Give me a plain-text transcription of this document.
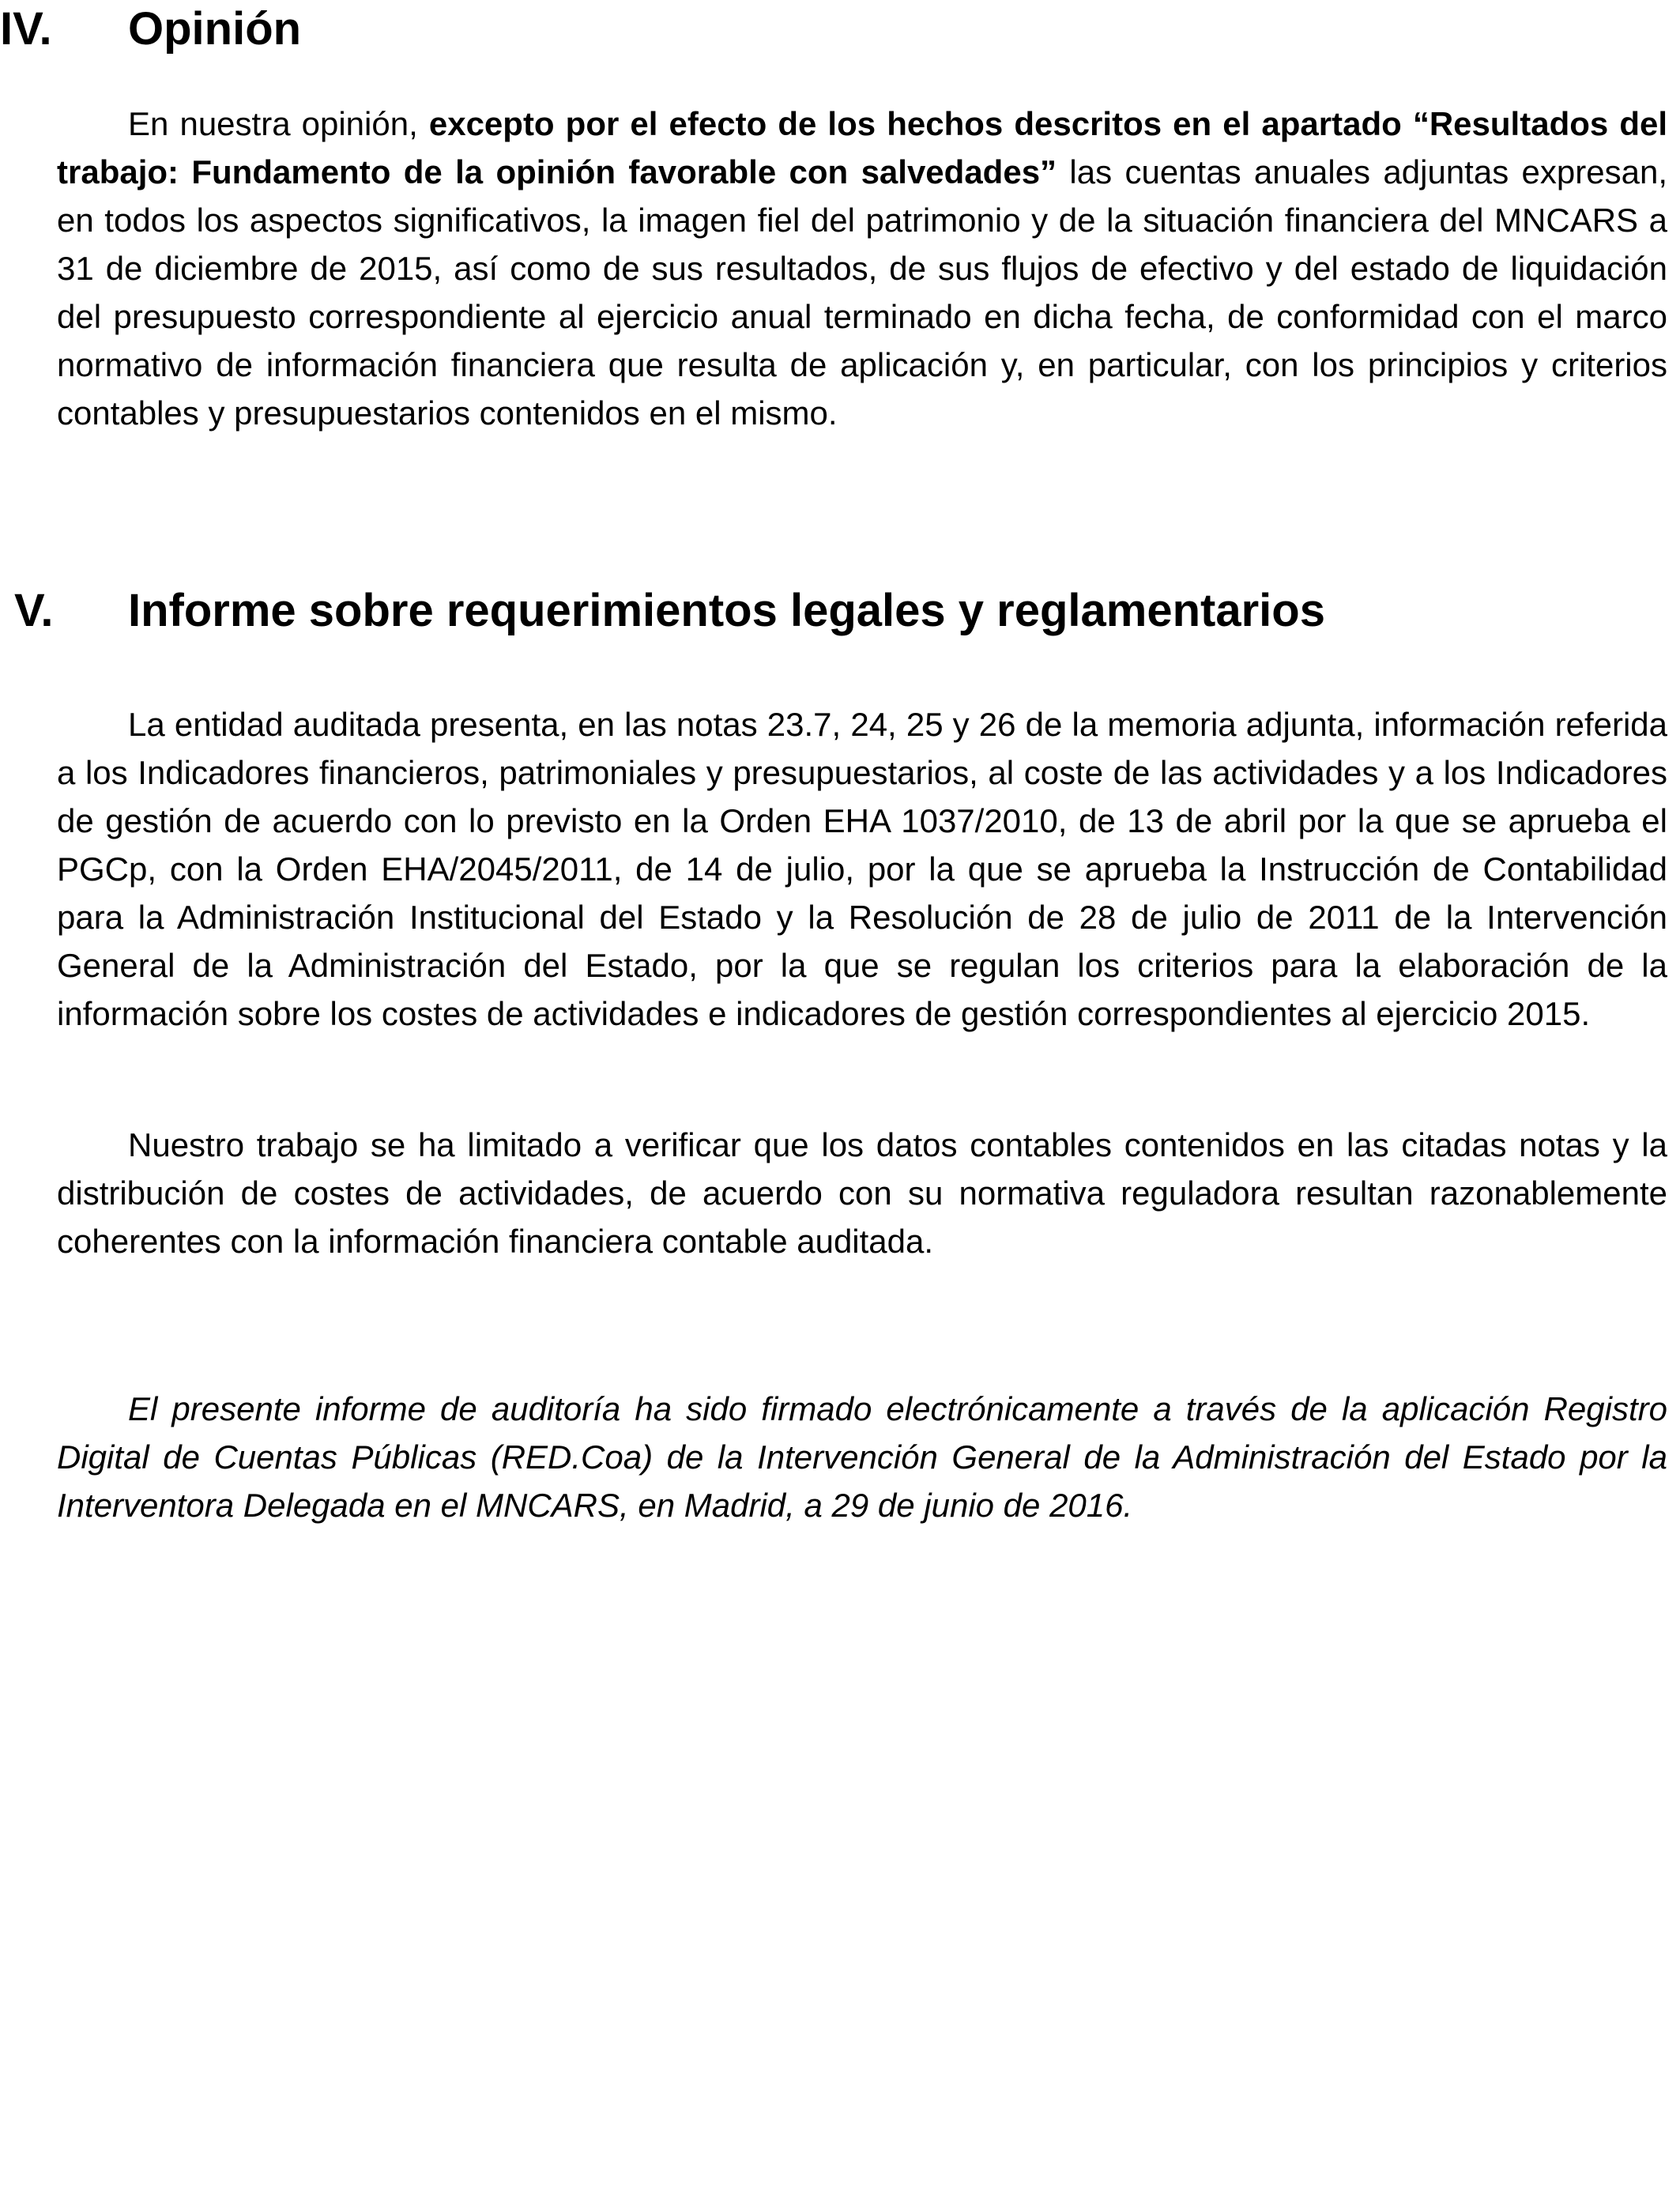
IV. Opinión

En nuestra opinión, excepto por el efecto de los hechos descritos en el apartado “Resultados del trabajo: Fundamento de la opinión favorable con salvedades” las cuentas anuales adjuntas expresan, en todos los aspectos significativos, la imagen fiel del patrimonio y de la situación financiera del MNCARS a 31 de diciembre de 2015, así como de sus resultados, de sus flujos de efectivo y del estado de liquidación del presupuesto correspondiente al ejercicio anual terminado en dicha fecha, de conformidad con el marco normativo de información financiera que resulta de aplicación y, en particular, con los principios y criterios contables y presupuestarios contenidos en el mismo.

V. Informe sobre requerimientos legales y reglamentarios

La entidad auditada presenta, en las notas 23.7, 24, 25 y 26 de la memoria adjunta, información referida a los Indicadores financieros, patrimoniales y presupuestarios, al coste de las actividades y a los Indicadores de gestión de acuerdo con lo previsto en la Orden EHA 1037/2010, de 13 de abril por la que se aprueba el PGCp, con la Orden EHA/2045/2011, de 14 de julio, por la que se aprueba la Instrucción de Contabilidad para la Administración Institucional del Estado y la Resolución de 28 de julio de 2011 de la Intervención General de la Administración del Estado, por la que se regulan los criterios para la elaboración de la información sobre los costes de actividades e indicadores de gestión correspondientes al ejercicio 2015.

Nuestro trabajo se ha limitado a verificar que los datos contables contenidos en las citadas notas y la distribución de costes de actividades, de acuerdo con su normativa reguladora resultan razonablemente coherentes con la información financiera contable auditada.

El presente informe de auditoría ha sido firmado electrónicamente a través de la aplicación Registro Digital de Cuentas Públicas (RED.Coa) de la Intervención General de la Administración del Estado por la Interventora Delegada en el MNCARS, en Madrid, a 29 de junio de 2016.
